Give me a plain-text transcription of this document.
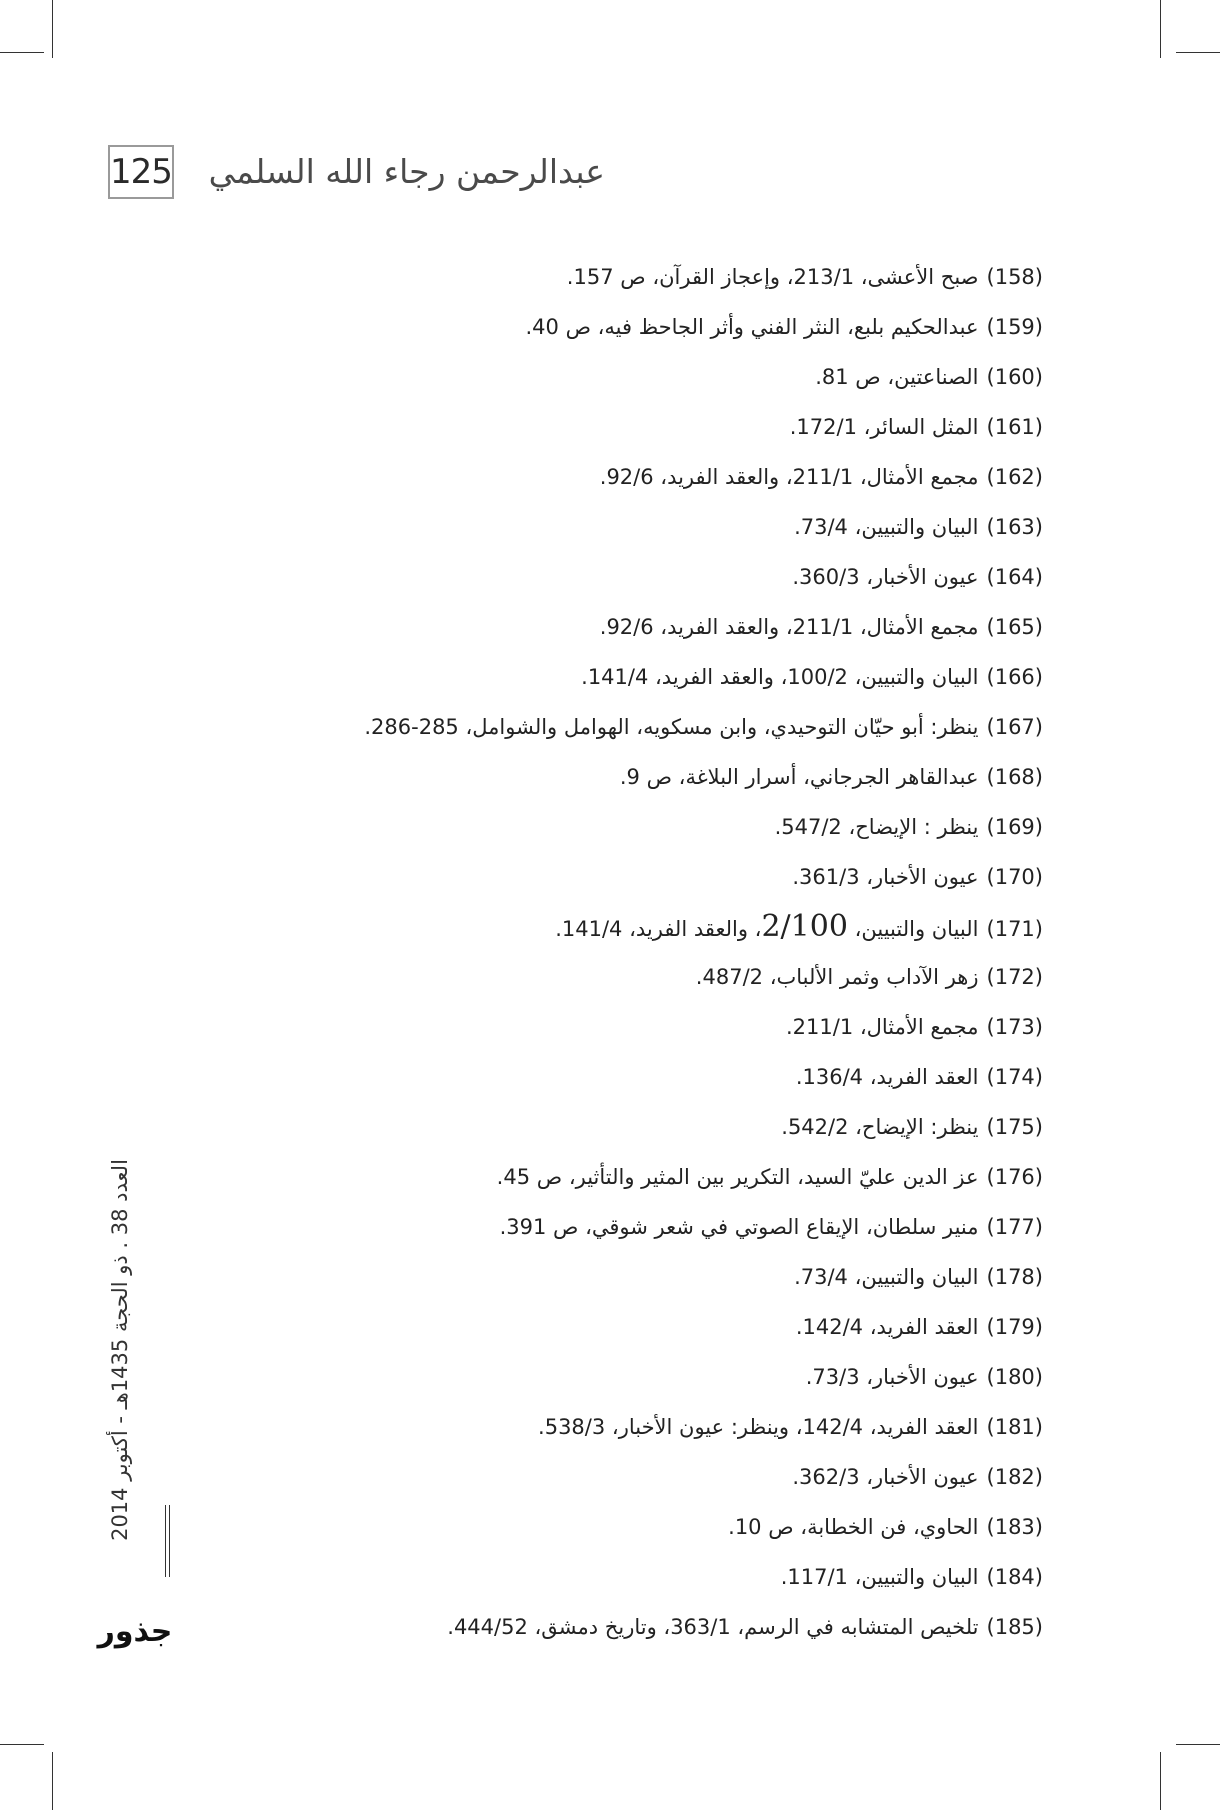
125 عبدالرحمن رجاء الله السلمي
(158)صبح الأعشى، 213/1، وإعجاز القرآن، ص 157.
(159)عبدالحكيم بلبع، النثر الفني وأثر الجاحظ فيه، ص 40.
(160)الصناعتين، ص 81.
(161)المثل السائر، 172/1.
(162)مجمع الأمثال، 211/1، والعقد الفريد، 92/6.
(163)البيان والتبيين، 73/4.
(164)عيون الأخبار، 360/3.
(165)مجمع الأمثال، 211/1، والعقد الفريد، 92/6.
(166)البيان والتبيين، 100/2، والعقد الفريد، 141/4.
(167)ينظر: أبو حيّان التوحيدي، وابن مسكويه، الهوامل والشوامل، 285-286.
(168)عبدالقاهر الجرجاني، أسرار البلاغة، ص 9.
(169)ينظر : الإيضاح، 547/2.
(170)عيون الأخبار، 361/3.
(171)البيان والتبيين، 2/100، والعقد الفريد، 141/4.
(172)زهر الآداب وثمر الألباب، 487/2.
(173)مجمع الأمثال، 211/1.
(174)العقد الفريد، 136/4.
(175)ينظر: الإيضاح، 542/2.
(176)عز الدين عليّ السيد، التكرير بين المثير والتأثير، ص 45.
(177)منير سلطان، الإيقاع الصوتي في شعر شوقي، ص 391.
(178)البيان والتبيين، 73/4.
(179)العقد الفريد، 142/4.
(180)عيون الأخبار، 73/3.
(181)العقد الفريد، 142/4، وينظر: عيون الأخبار، 538/3.
(182)عيون الأخبار، 362/3.
(183)الحاوي، فن الخطابة، ص 10.
(184)البيان والتبيين، 117/1.
(185)تلخيص المتشابه في الرسم، 363/1، وتاريخ دمشق، 444/52.
العدد 38 . ذو الحجة 1435هـ - أكتوبر 2014
جذور
